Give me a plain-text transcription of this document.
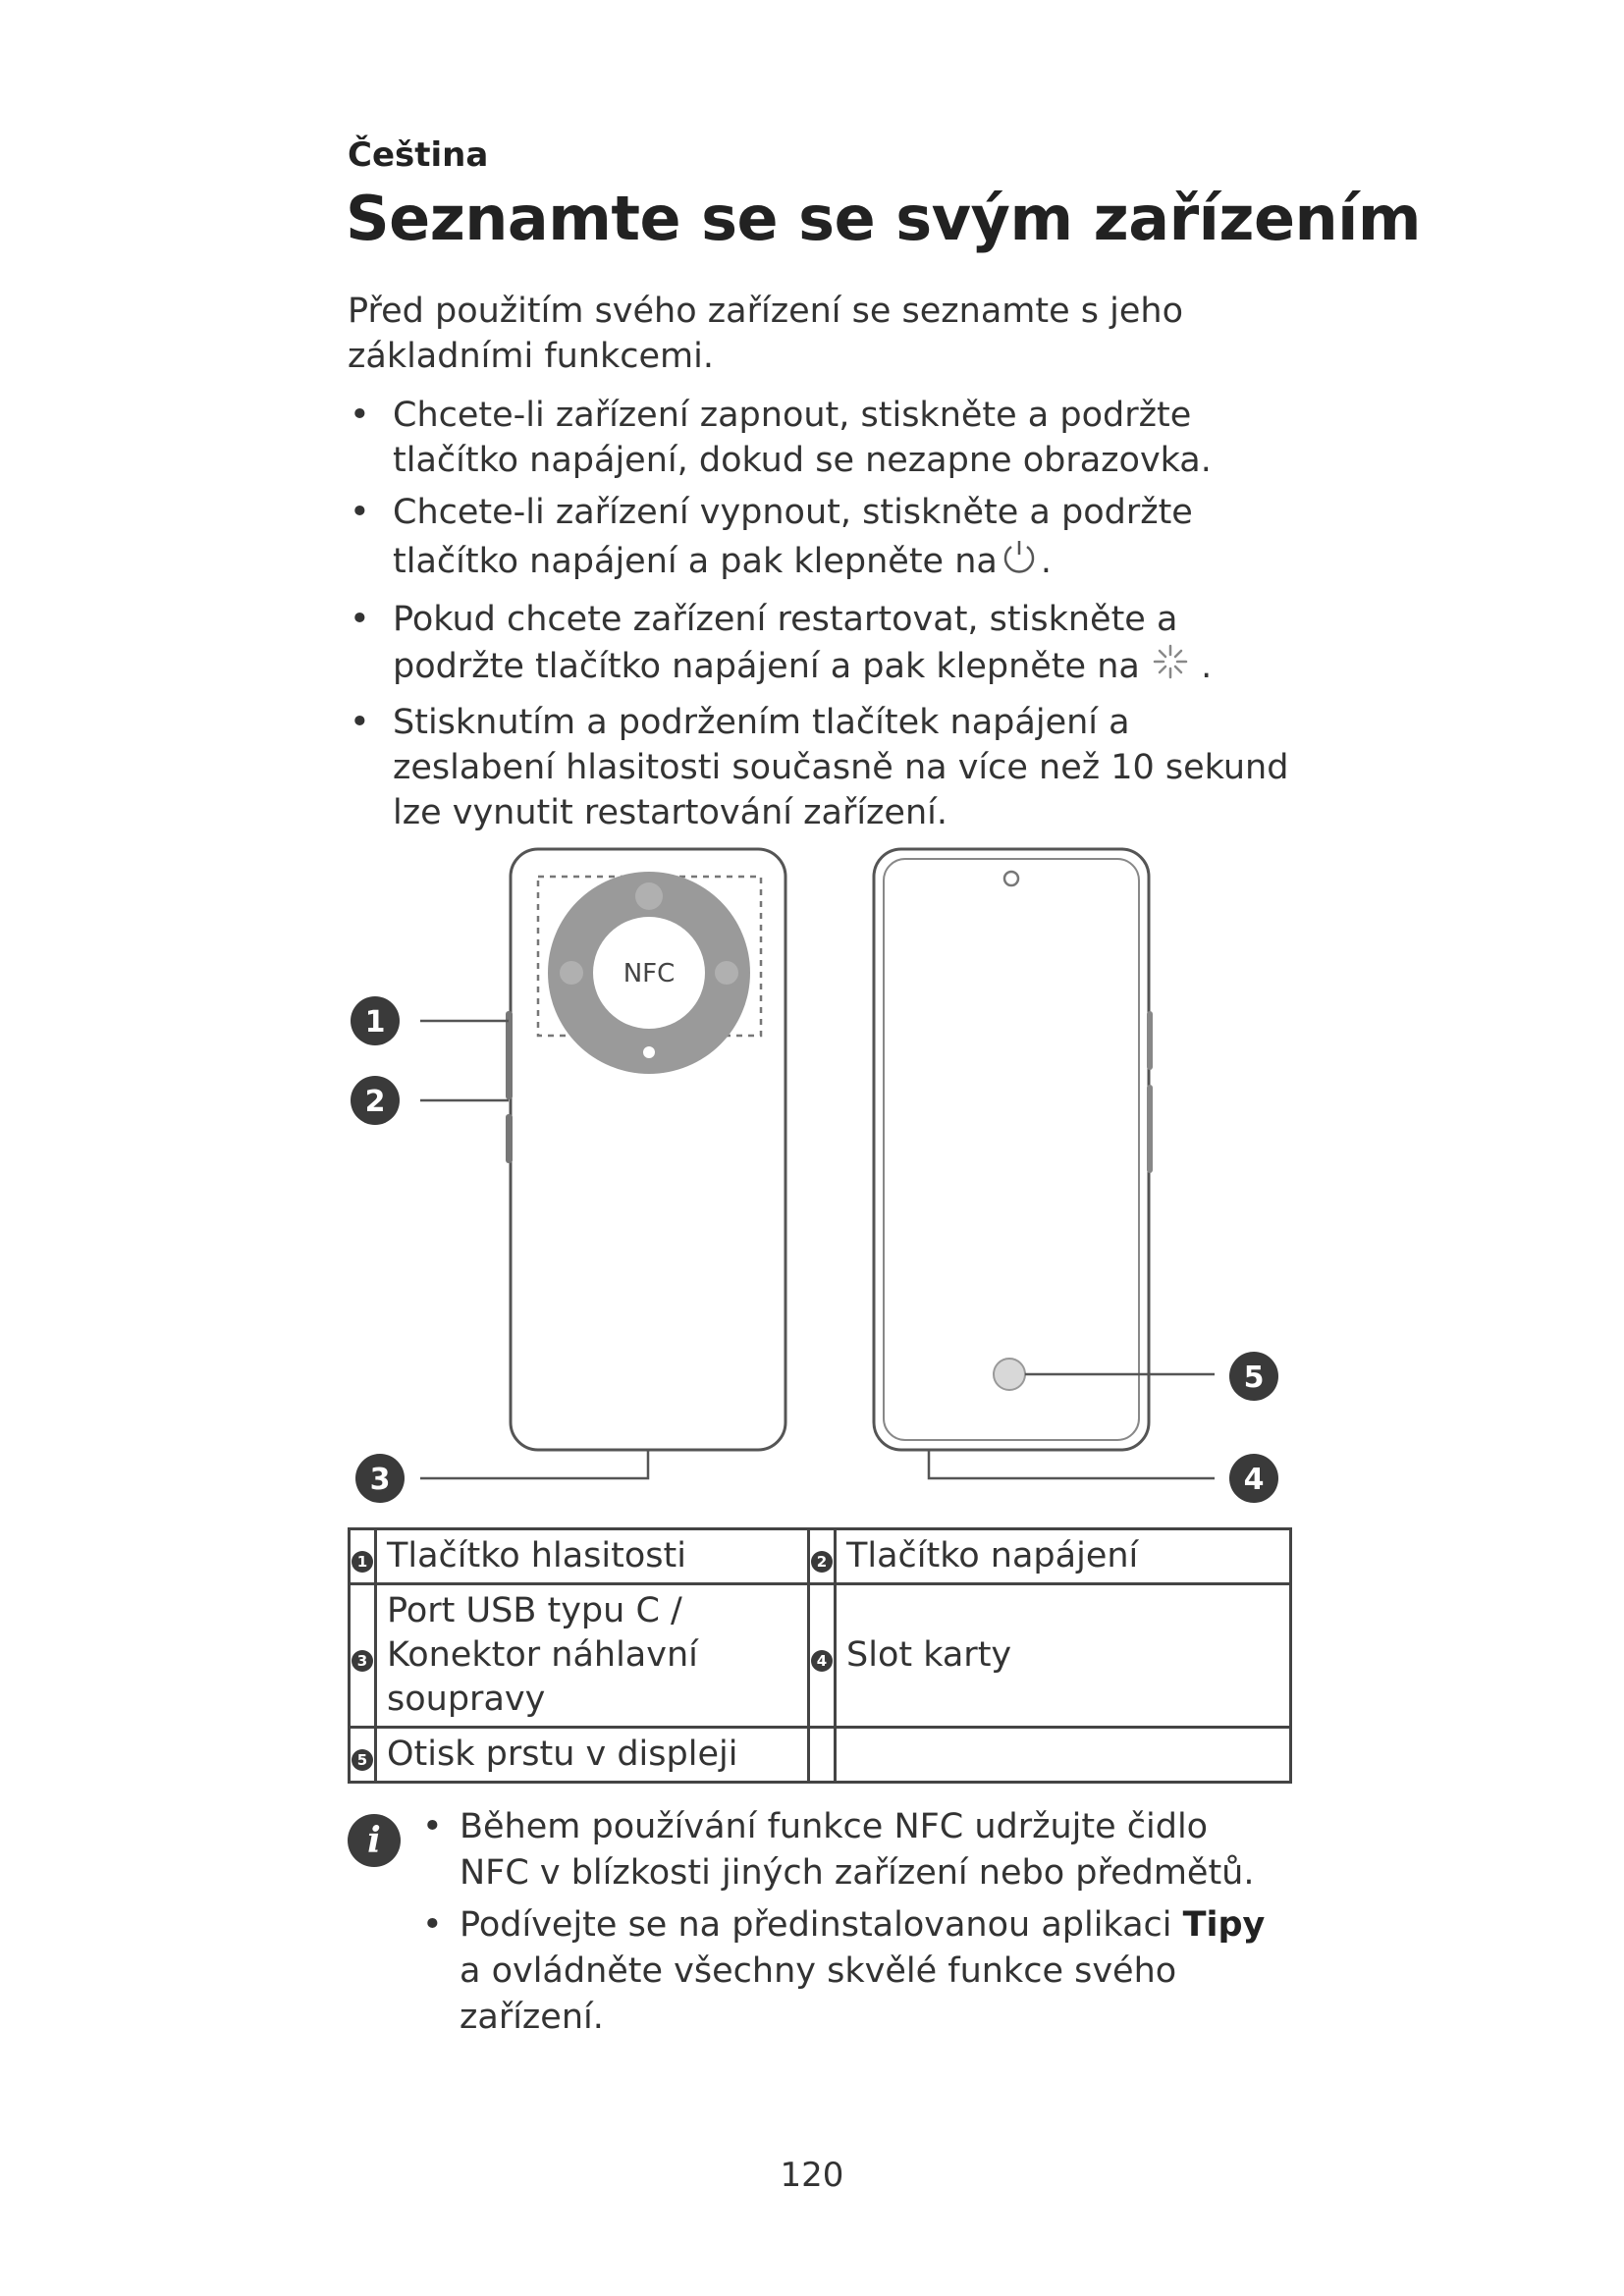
Čeština
Seznamte se se svým zařízením
Před použitím svého zařízení se seznamte s jeho základními funkcemi.
• Chcete-li zařízení zapnout, stiskněte a podržte tlačítko napájení, dokud se nezapne obrazovka.
• Chcete-li zařízení vypnout, stiskněte a podržte tlačítko napájení a pak klepněte na .
• Pokud chcete zařízení restartovat, stiskněte a podržte tlačítko napájení a pak klepněte na .
• Stisknutím a podržením tlačítek napájení a zeslabení hlasitosti současně na více než 10 sekund lze vynutit restartování zařízení.
NFC
1
2
3	4
5
1	Tlačítko hlasitosti	2	Tlačítko napájení
3	Port USB typu C / Konektor náhlavní soupravy	4	Slot karty
5	Otisk prstu v displeji		
i	• Během používání funkce NFC udržujte čidlo NFC v blízkosti jiných zařízení nebo předmětů.
• Podívejte se na předinstalovanou aplikaci Tipy a ovládněte všechny skvělé funkce svého zařízení.
120
